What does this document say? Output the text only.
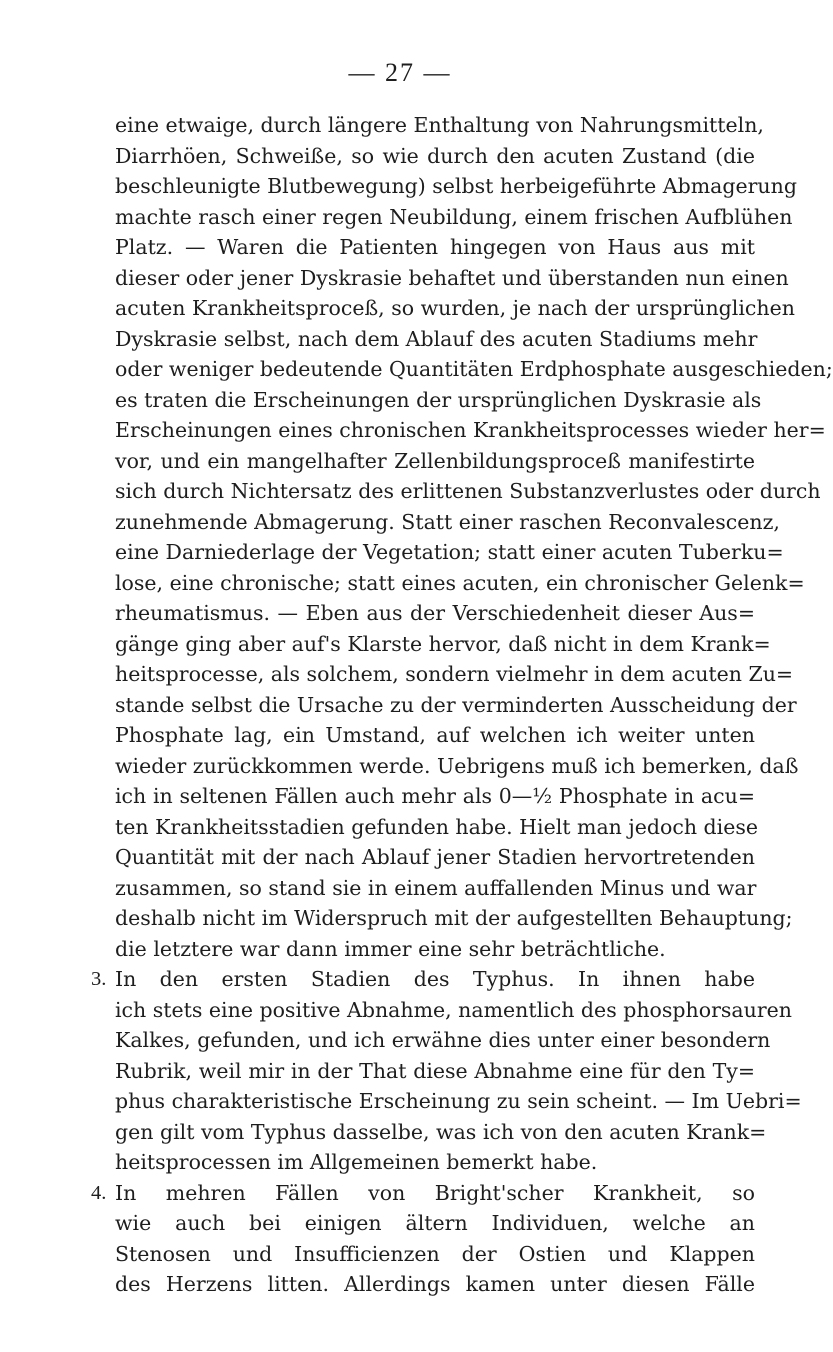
— 27 —
eine etwaige, durch längere Enthaltung von Nahrungsmitteln,
Diarrhöen, Schweiße, so wie durch den acuten Zustand (die
beschleunigte Blutbewegung) selbst herbeigeführte Abmagerung
machte rasch einer regen Neubildung, einem frischen Aufblühen
Platz. — Waren die Patienten hingegen von Haus aus mit
dieser oder jener Dyskrasie behaftet und überstanden nun einen
acuten Krankheitsproceß, so wurden, je nach der ursprünglichen
Dyskrasie selbst, nach dem Ablauf des acuten Stadiums mehr
oder weniger bedeutende Quantitäten Erdphosphate ausgeschieden;
es traten die Erscheinungen der ursprünglichen Dyskrasie als
Erscheinungen eines chronischen Krankheitsprocesses wieder her=
vor, und ein mangelhafter Zellenbildungsproceß manifestirte
sich durch Nichtersatz des erlittenen Substanzverlustes oder durch
zunehmende Abmagerung. Statt einer raschen Reconvalescenz,
eine Darniederlage der Vegetation; statt einer acuten Tuberku=
lose, eine chronische; statt eines acuten, ein chronischer Gelenk=
rheumatismus. — Eben aus der Verschiedenheit dieser Aus=
gänge ging aber auf's Klarste hervor, daß nicht in dem Krank=
heitsprocesse, als solchem, sondern vielmehr in dem acuten Zu=
stande selbst die Ursache zu der verminderten Ausscheidung der
Phosphate lag, ein Umstand, auf welchen ich weiter unten
wieder zurückkommen werde. Uebrigens muß ich bemerken, daß
ich in seltenen Fällen auch mehr als 0—½ Phosphate in acu=
ten Krankheitsstadien gefunden habe. Hielt man jedoch diese
Quantität mit der nach Ablauf jener Stadien hervortretenden
zusammen, so stand sie in einem auffallenden Minus und war
deshalb nicht im Widerspruch mit der aufgestellten Behauptung;
die letztere war dann immer eine sehr beträchtliche.
3. In den ersten Stadien des Typhus. In ihnen habe
ich stets eine positive Abnahme, namentlich des phosphorsauren
Kalkes, gefunden, und ich erwähne dies unter einer besondern
Rubrik, weil mir in der That diese Abnahme eine für den Ty=
phus charakteristische Erscheinung zu sein scheint. — Im Uebri=
gen gilt vom Typhus dasselbe, was ich von den acuten Krank=
heitsprocessen im Allgemeinen bemerkt habe.
4. In mehren Fällen von Bright'scher Krankheit, so
wie auch bei einigen ältern Individuen, welche an
Stenosen und Insufficienzen der Ostien und Klappen
des Herzens litten. Allerdings kamen unter diesen Fälle
